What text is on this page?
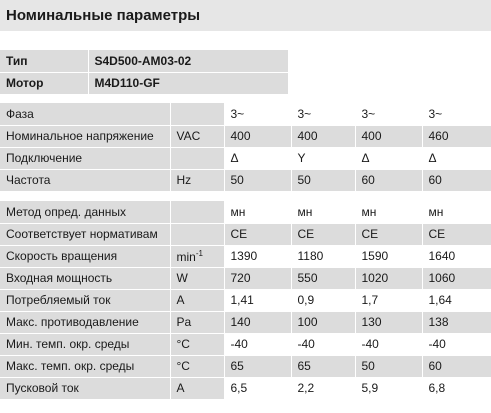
Номинальные параметры
Тип	S4D500-AM03-02
Мотор	M4D110-GF
Фаза		3~	3~	3~	3~
Номинальное напряжение	VAC	400	400	400	460
Подключение		Δ	Y	Δ	Δ
Частота	Hz	50	50	60	60
Метод опред. данных		мн	мн	мн	мн
Соответствует нормативам		CE	CE	CE	CE
Скорость вращения	$\min^{-1}$	1390	1180	1590	1640
Входная мощность	W	720	550	1020	1060
Потребляемый ток	A	1,41	0,9	1,7	1,64
Макс. противодавление	Pa	140	100	130	138
Мин. темп. окр. среды	°C	-40	-40	-40	-40
Макс. темп. окр. среды	°C	65	65	50	60
Пусковой ток	A	6,5	2,2	5,9	6,8
